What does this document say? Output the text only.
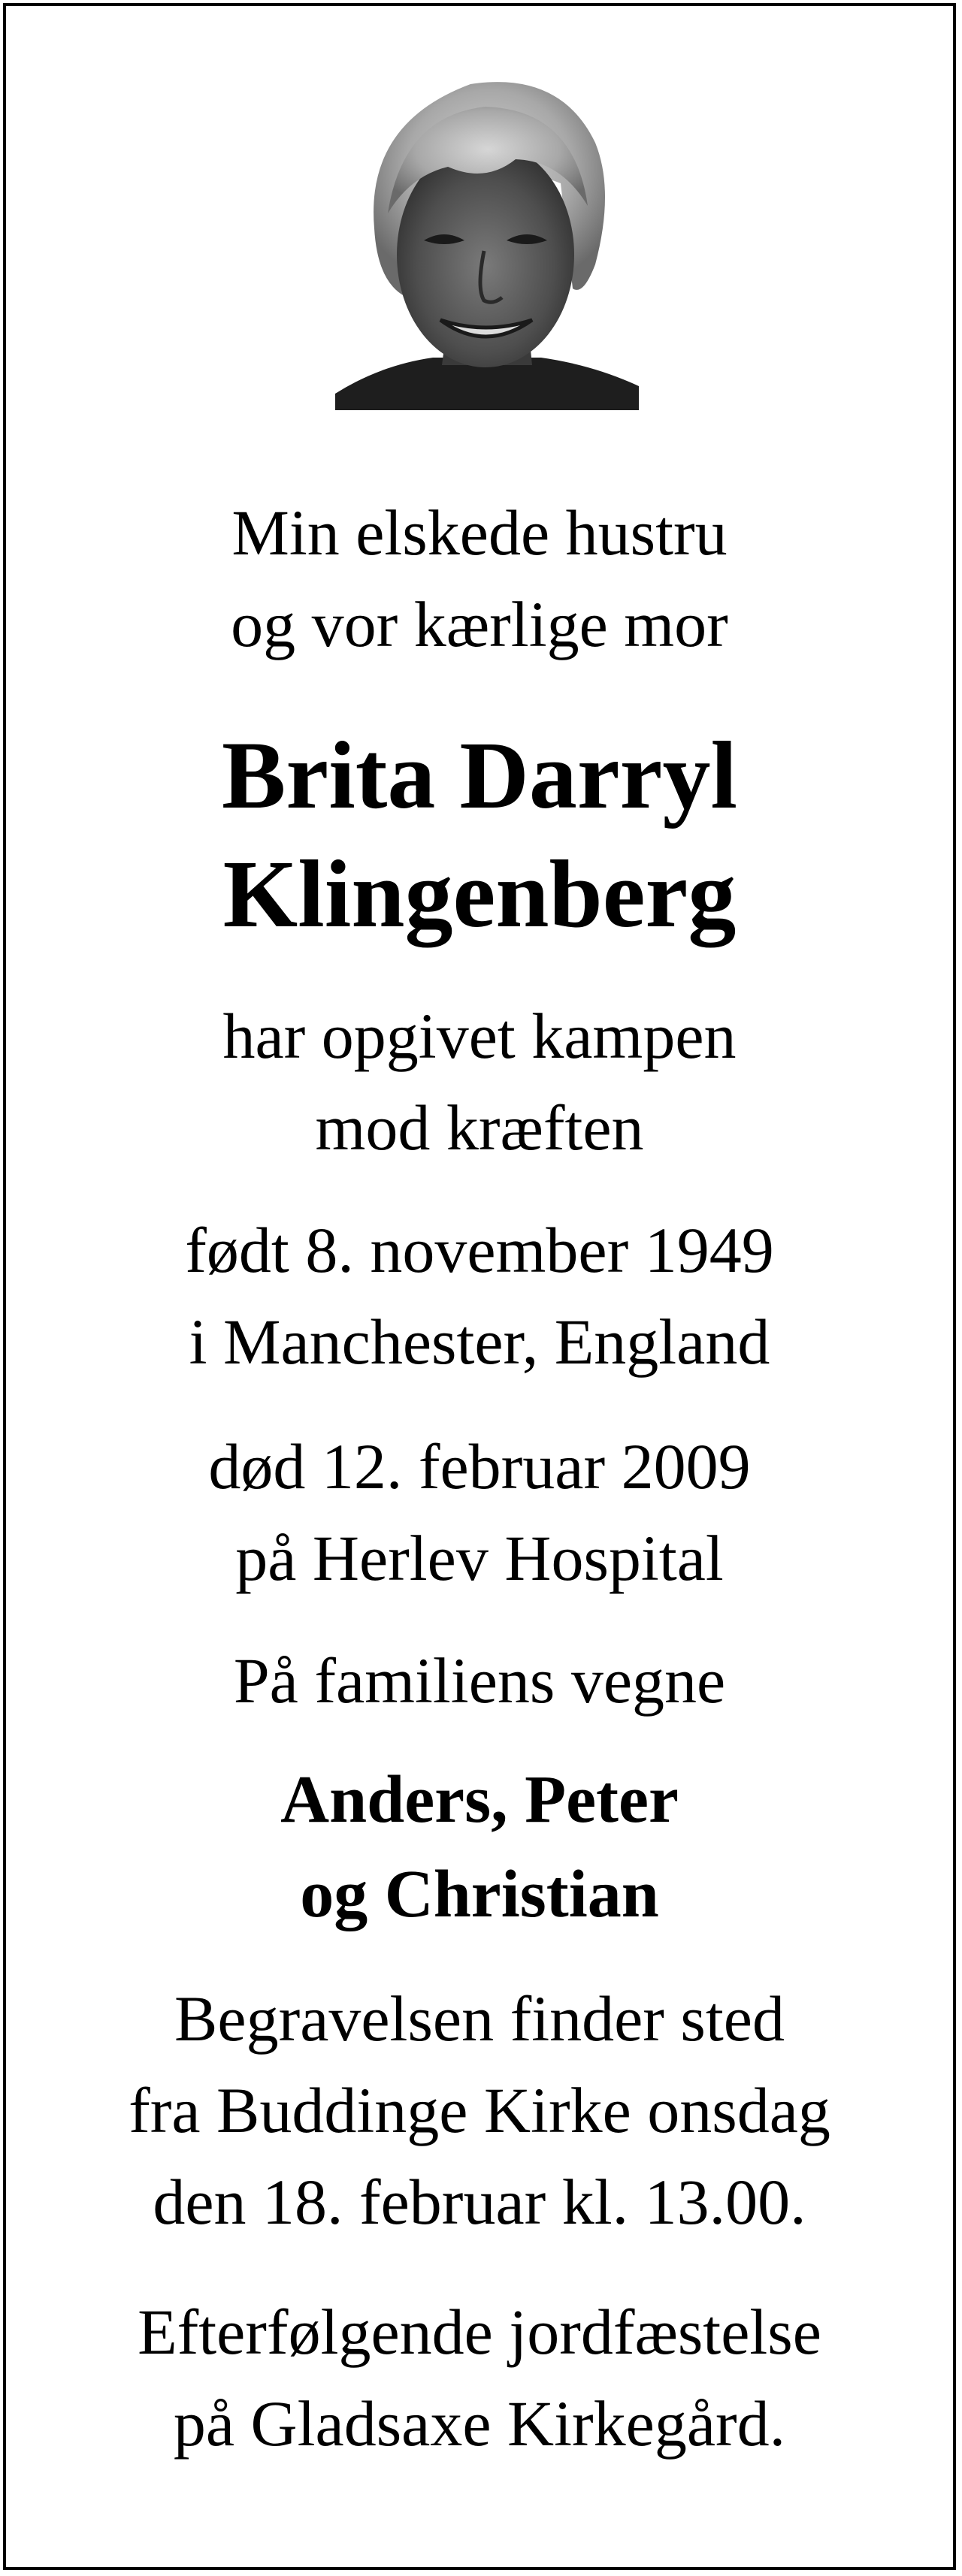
Min elskede hustru
og vor kærlige mor

Brita Darryl
Klingenberg

har opgivet kampen
mod kræften

født 8. november 1949
i Manchester, England

død 12. februar 2009
på Herlev Hospital

På familiens vegne

Anders, Peter
og Christian

Begravelsen finder sted
fra Buddinge Kirke onsdag
den 18. februar kl. 13.00.

Efterfølgende jordfæstelse
på Gladsaxe Kirkegård.
